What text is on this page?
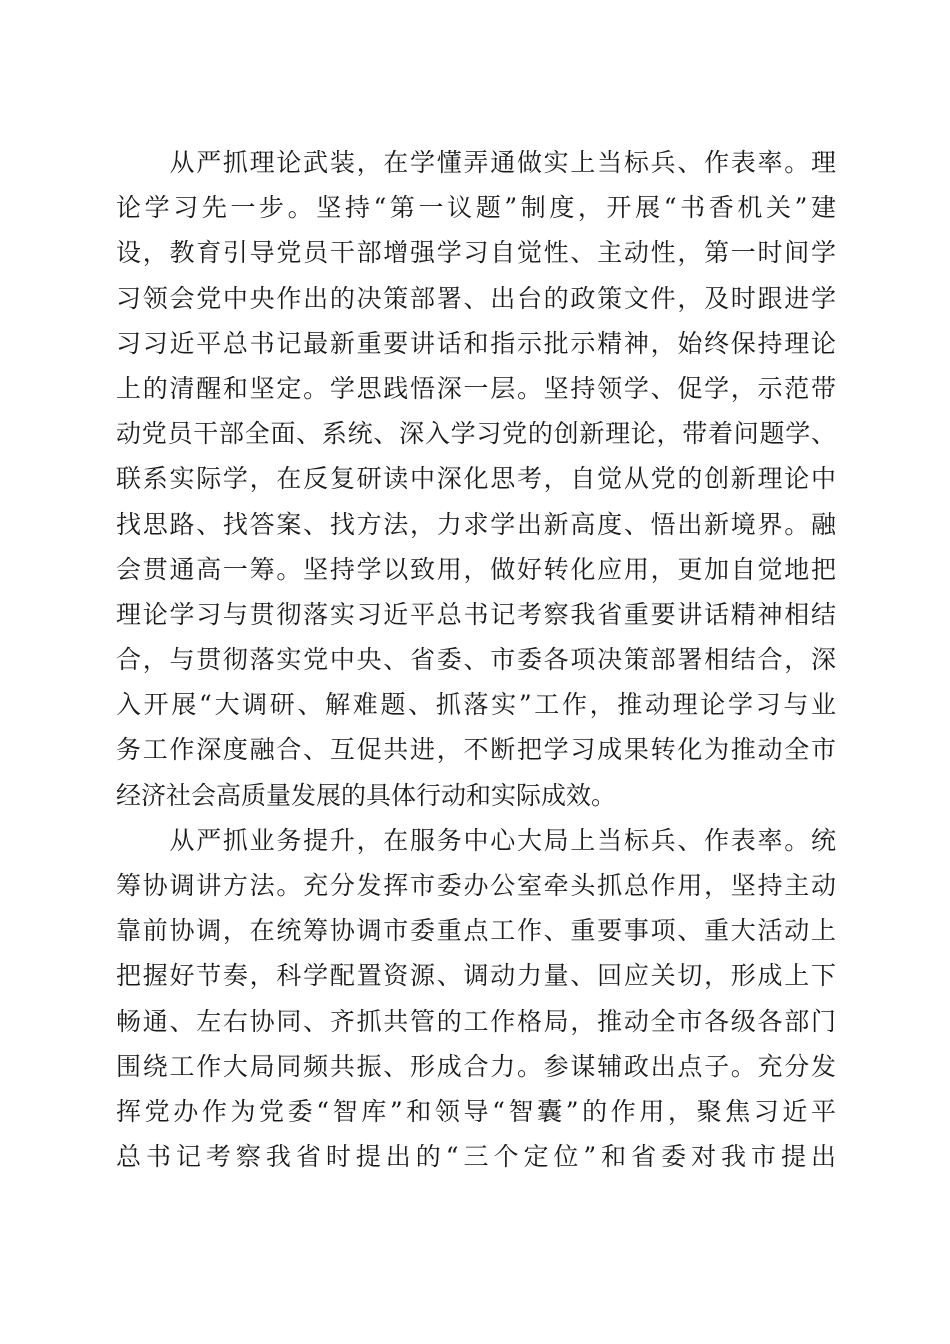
　　从严抓理论武装，在学懂弄通做实上当标兵、作表率。理
论学习先一步。坚持“第一议题”制度，开展“书香机关”建
设，教育引导党员干部增强学习自觉性、主动性，第一时间学
习领会党中央作出的决策部署、出台的政策文件，及时跟进学
习习近平总书记最新重要讲话和指示批示精神，始终保持理论
上的清醒和坚定。学思践悟深一层。坚持领学、促学，示范带
动党员干部全面、系统、深入学习党的创新理论，带着问题学、
联系实际学，在反复研读中深化思考，自觉从党的创新理论中
找思路、找答案、找方法，力求学出新高度、悟出新境界。融
会贯通高一筹。坚持学以致用，做好转化应用，更加自觉地把
理论学习与贯彻落实习近平总书记考察我省重要讲话精神相结
合，与贯彻落实党中央、省委、市委各项决策部署相结合，深
入开展“大调研、解难题、抓落实”工作，推动理论学习与业
务工作深度融合、互促共进，不断把学习成果转化为推动全市
经济社会高质量发展的具体行动和实际成效。
　　从严抓业务提升，在服务中心大局上当标兵、作表率。统
筹协调讲方法。充分发挥市委办公室牵头抓总作用，坚持主动
靠前协调，在统筹协调市委重点工作、重要事项、重大活动上
把握好节奏，科学配置资源、调动力量、回应关切，形成上下
畅通、左右协同、齐抓共管的工作格局，推动全市各级各部门
围绕工作大局同频共振、形成合力。参谋辅政出点子。充分发
挥党办作为党委“智库”和领导“智囊”的作用，聚焦习近平
总书记考察我省时提出的“三个定位”和省委对我市提出
